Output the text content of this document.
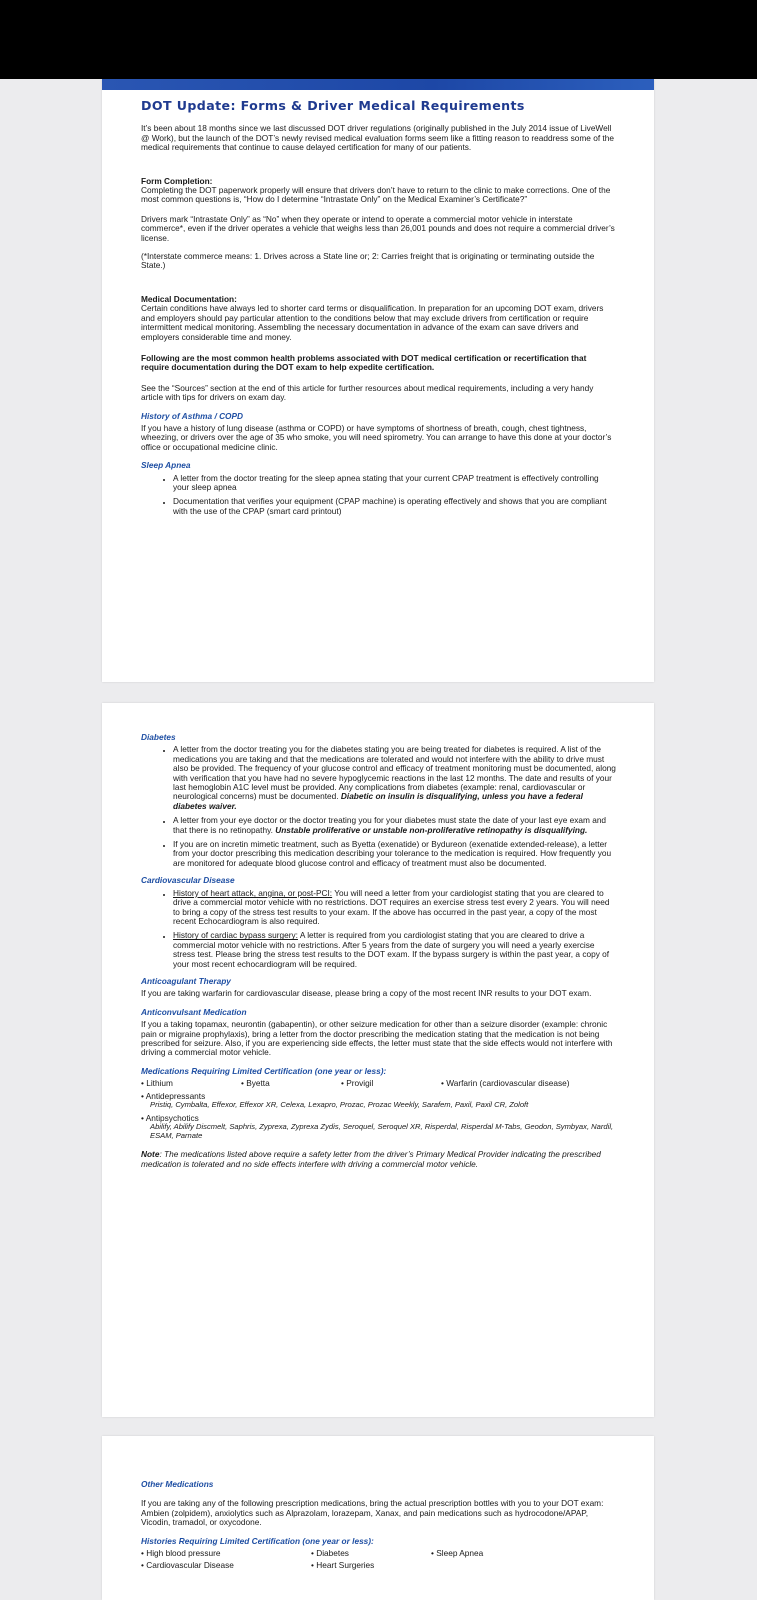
DOT Update: Forms & Driver Medical Requirements

It’s been about 18 months since we last discussed DOT driver regulations (originally published in the July 2014 issue of LiveWell @ Work), but the launch of the DOT’s newly revised medical evaluation forms seem like a fitting reason to readdress some of the medical requirements that continue to cause delayed certification for many of our patients.

Form Completion:

Completing the DOT paperwork properly will ensure that drivers don’t have to return to the clinic to make corrections. One of the most common questions is, “How do I determine “Intrastate Only” on the Medical Examiner’s Certificate?”

Drivers mark “Intrastate Only” as “No” when they operate or intend to operate a commercial motor vehicle in interstate commerce*, even if the driver operates a vehicle that weighs less than 26,001 pounds and does not require a commercial driver’s license.

(*Interstate commerce means: 1. Drives across a State line or; 2: Carries freight that is originating or terminating outside the State.)

Medical Documentation:

Certain conditions have always led to shorter card terms or disqualification. In preparation for an upcoming DOT exam, drivers and employers should pay particular attention to the conditions below that may exclude drivers from certification or require intermittent medical monitoring. Assembling the necessary documentation in advance of the exam can save drivers and employers considerable time and money.

Following are the most common health problems associated with DOT medical certification or recertification that require documentation during the DOT exam to help expedite certification.

See the “Sources” section at the end of this article for further resources about medical requirements, including a very handy article with tips for drivers on exam day.

History of Asthma / COPD

If you have a history of lung disease (asthma or COPD) or have symptoms of shortness of breath, cough, chest tightness, wheezing, or drivers over the age of 35 who smoke, you will need spirometry. You can arrange to have this done at your doctor’s office or occupational medicine clinic.

Sleep Apnea
• A letter from the doctor treating for the sleep apnea stating that your current CPAP treatment is effectively controlling your sleep apnea
• Documentation that verifies your equipment (CPAP machine) is operating effectively and shows that you are compliant with the use of the CPAP (smart card printout)
Diabetes
• A letter from the doctor treating you for the diabetes stating you are being treated for diabetes is required. A list of the medications you are taking and that the medications are tolerated and would not interfere with the ability to drive must also be provided. The frequency of your glucose control and efficacy of treatment monitoring must be documented, along with verification that you have had no severe hypoglycemic reactions in the last 12 months. The date and results of your last hemoglobin A1C level must be provided. Any complications from diabetes (example: renal, cardiovascular or neurological concerns) must be documented. Diabetic on insulin is disqualifying, unless you have a federal diabetes waiver.
• A letter from your eye doctor or the doctor treating you for your diabetes must state the date of your last eye exam and that there is no retinopathy. Unstable proliferative or unstable non-proliferative retinopathy is disqualifying.
• If you are on incretin mimetic treatment, such as Byetta (exenatide) or Bydureon (exenatide extended-release), a letter from your doctor prescribing this medication describing your tolerance to the medication is required. How frequently you are monitored for adequate blood glucose control and efficacy of treatment must also be documented.
Cardiovascular Disease
• History of heart attack, angina, or post-PCI: You will need a letter from your cardiologist stating that you are cleared to drive a commercial motor vehicle with no restrictions. DOT requires an exercise stress test every 2 years. You will need to bring a copy of the stress test results to your exam. If the above has occurred in the past year, a copy of the most recent Echocardiogram is also required.
• History of cardiac bypass surgery: A letter is required from you cardiologist stating that you are cleared to drive a commercial motor vehicle with no restrictions. After 5 years from the date of surgery you will need a yearly exercise stress test. Please bring the stress test results to the DOT exam. If the bypass surgery is within the past year, a copy of your most recent echocardiogram will be required.
Anticoagulant Therapy

If you are taking warfarin for cardiovascular disease, please bring a copy of the most recent INR results to your DOT exam.

Anticonvulsant Medication

If you a taking topamax, neurontin (gabapentin), or other seizure medication for other than a seizure disorder (example: chronic pain or migraine prophylaxis), bring a letter from the doctor prescribing the medication stating that the medication is not being prescribed for seizure. Also, if you are experiencing side effects, the letter must state that the side effects would not interfere with driving a commercial motor vehicle.

Medications Requiring Limited Certification (one year or less):
• Lithium	• Byetta	• Provigil	• Warfarin (cardiovascular disease)
• Antidepressants
Pristiq, Cymbalta, Effexor, Effexor XR, Celexa, Lexapro, Prozac, Prozac Weekly, Sarafem, Paxil, Paxil CR, Zoloft
• Antipsychotics
Abilify, Abilify Discmelt, Saphris, Zyprexa, Zyprexa Zydis, Seroquel, Seroquel XR, Risperdal, Risperdal M-Tabs, Geodon, Symbyax, Nardil, ESAM, Parnate

Note: The medications listed above require a safety letter from the driver’s Primary Medical Provider indicating the prescribed medication is tolerated and no side effects interfere with driving a commercial motor vehicle.

Other Medications

If you are taking any of the following prescription medications, bring the actual prescription bottles with you to your DOT exam: Ambien (zolpidem), anxiolytics such as Alprazolam, lorazepam, Xanax, and pain medications such as hydrocodone/APAP, Vicodin, tramadol, or oxycodone.

Histories Requiring Limited Certification (one year or less):
• High blood pressure	• Diabetes	• Sleep Apnea
• Cardiovascular Disease	• Heart Surgeries
